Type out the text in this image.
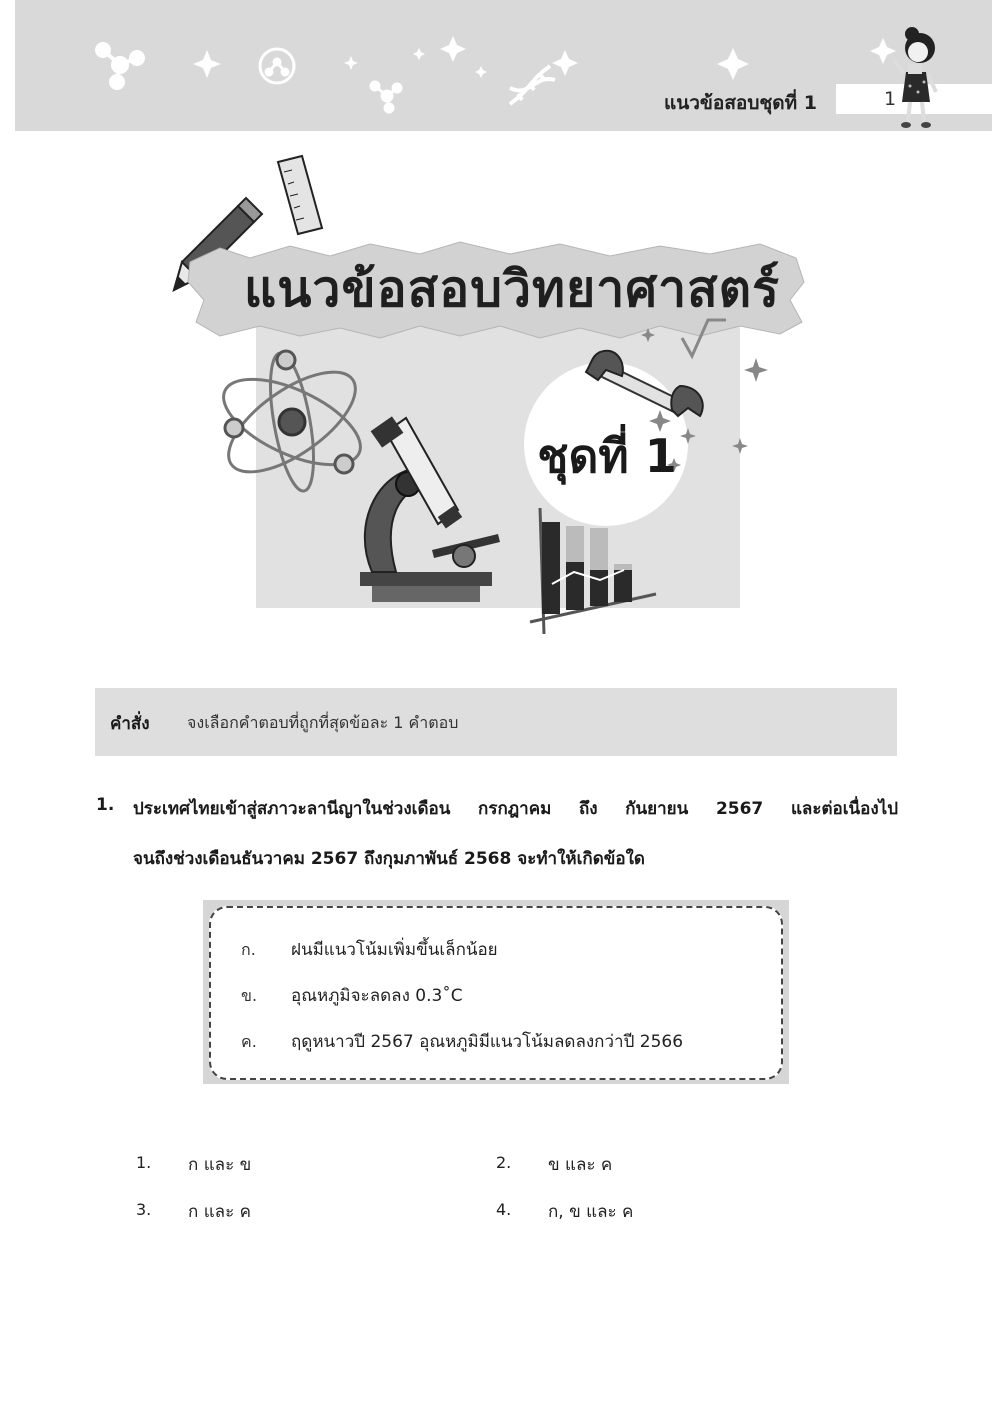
แนวข้อสอบชุดที่ 1	1
แนวข้อสอบวิทยาศาสตร์
ชุดที่ 1
คำสั่ง จงเลือกคำตอบที่ถูกที่สุดข้อละ 1 คำตอบ
1. ประเทศไทยเข้าสู่สภาวะลานีญาในช่วงเดือน กรกฎาคม ถึง กันยายน 2567 และต่อเนื่องไป
จนถึงช่วงเดือนธันวาคม 2567 ถึงกุมภาพันธ์ 2568 จะทำให้เกิดข้อใด
ก. ฝนมีแนวโน้มเพิ่มขึ้นเล็กน้อย
ข. อุณหภูมิจะลดลง 0.3˚C
ค. ฤดูหนาวปี 2567 อุณหภูมิมีแนวโน้มลดลงกว่าปี 2566
1. ก และ ข	2. ข และ ค
3. ก และ ค	4. ก, ข และ ค
